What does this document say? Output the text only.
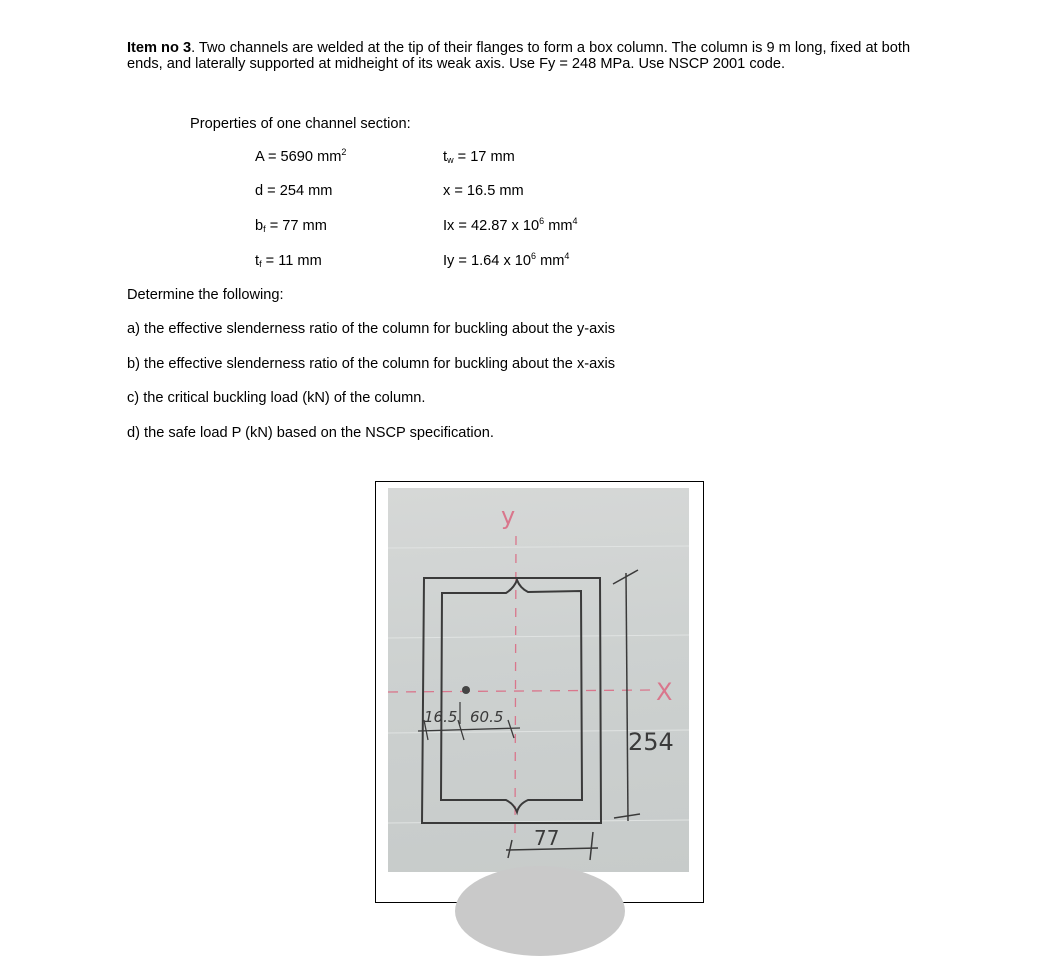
Item no 3. Two channels are welded at the tip of their flanges to form a box column. The column is 9 m long, fixed at both ends, and laterally supported at midheight of its weak axis. Use Fy = 248 MPa. Use NSCP 2001 code.
Properties of one channel section:
A = 5690 $mm^2$	$t_w = 17$ mm
d = 254 mm	x = 16.5 mm
$b_f = 77$ mm	Ix = 42.87 x $10^6$ $mm^4$
$t_f = 11$ mm	Iy = 1.64 x $10^6$ $mm^4$
Determine the following:
a) the effective slenderness ratio of the column for buckling about the y-axis
b) the effective slenderness ratio of the column for buckling about the x-axis
c) the critical buckling load (kN) of the column.
d) the safe load P (kN) based on the NSCP specification.
y
X
254
77
16.5 60.5
